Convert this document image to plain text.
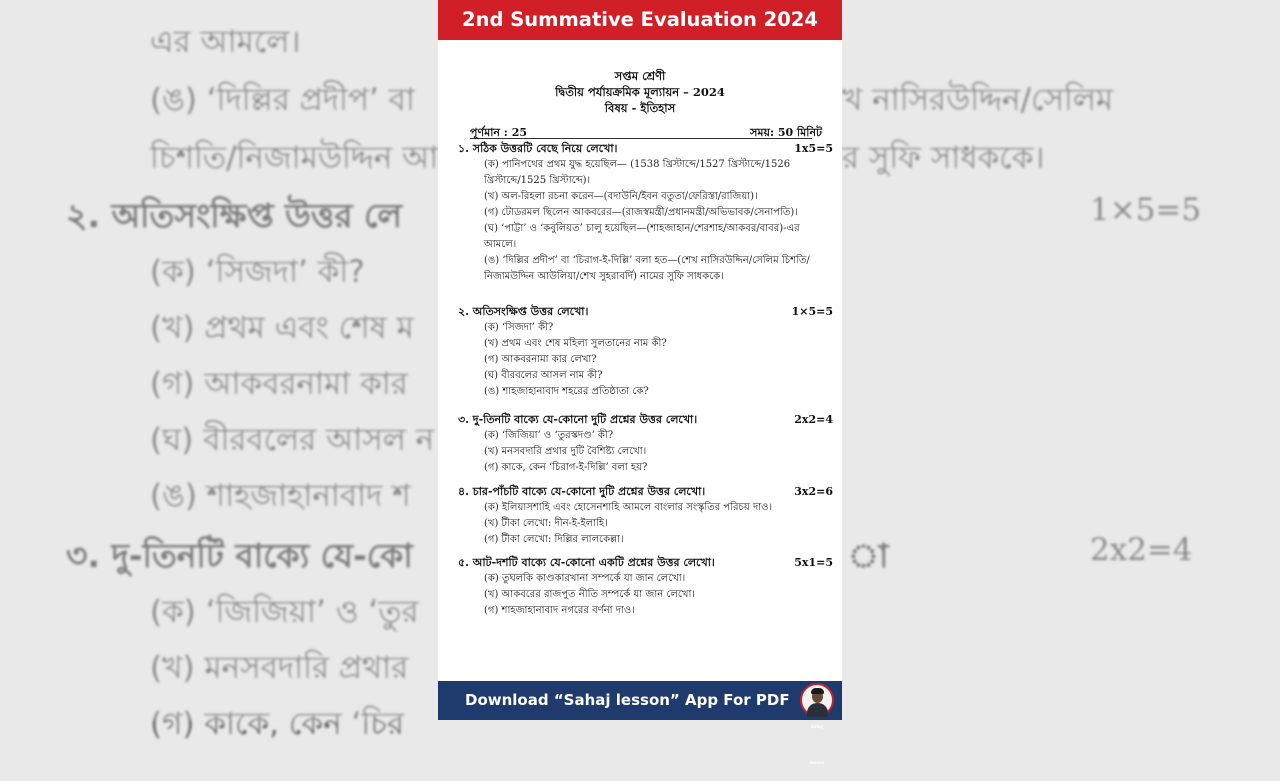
এর আমলে।
(ঙ) ‘দিল্লির প্রদীপ’ বা	খ নাসিরউদ্দিন/সেলিম
চিশতি/নিজামউদ্দিন আ	র সুফি সাধককে।
২. অতিসংক্ষিপ্ত উত্তর লে	1×5=5
(ক) ‘সিজদা’ কী?
(খ) প্রথম এবং শেষ ম
(গ) আকবরনামা কার
(ঘ) বীরবলের আসল ন
(ঙ) শাহজাহানাবাদ শ
৩. দু-তিনটি বাক্যে যে-কো	া	2x2=4
(ক) ‘জিজিয়া’ ও ‘তুর
(খ) মনসবদারি প্রথার
(গ) কাকে, কেন ‘চির
2nd Summative Evaluation 2024
সপ্তম শ্রেণী
দ্বিতীয় পর্যায়ক্রমিক মূল্যায়ন – 2024
বিষয় - ইতিহাস
পূর্ণমান : 25	সময়: 50 মিনিট
১. সঠিক উত্তরটি বেছে নিয়ে লেখো।	1x5=5
(ক) পানিপথের প্রথম যুদ্ধ হয়েছিল— (1538 খ্রিস্টাব্দে/1527 খ্রিস্টাব্দে/1526 খ্রিস্টাব্দে/1525 খ্রিস্টাব্দে)।
(খ) অল-রিহলা রচনা করেন—(বদাউনি/ইবন বতুতা/ফেরিস্তা/রাজিয়া)।
(গ) টোডরমল ছিলেন আকবরের—(রাজস্বমন্ত্রী/প্রধানমন্ত্রী/অভিভাবক/সেনাপতি)।
(ঘ) ‘পাট্টা’ ও ‘কবুলিয়ত’ চালু হয়েছিল—(শাহজাহান/শেরশাহ/আকবর/বাবর)-এর আমলে।
(ঙ) ‘দিল্লির প্রদীপ’ বা ‘চিরাগ-ই-দিল্লি’ বলা হত—(শেখ নাসিরউদ্দিন/সেলিম চিশতি/নিজামউদ্দিন আউলিয়া/শেখ সুহরাবর্দি) নামের সুফি সাধককে।
২. অতিসংক্ষিপ্ত উত্তর লেখো।	1×5=5
(ক) ‘সিজদা’ কী?
(খ) প্রথম এবং শেষ মহিলা সুলতানের নাম কী?
(গ) আকবরনামা কার লেখা?
(ঘ) বীরবলের আসল নাম কী?
(ঙ) শাহজাহানাবাদ শহরের প্রতিষ্ঠাতা কে?
৩. দু-তিনটি বাক্যে যে-কোনো দুটি প্রশ্নের উত্তর লেখো।	2x2=4
(ক) ‘জিজিয়া’ ও ‘তুরস্কদণ্ড’ কী?
(খ) মনসবদারি প্রথার দুটি বৈশিষ্ট্য লেখো।
(গ) কাকে, কেন ‘চিরাগ-ই-দিল্লি’ বলা হয়?
৪. চার-পাঁচটি বাক্যে যে-কোনো দুটি প্রশ্নের উত্তর লেখো।	3x2=6
(ক) ইলিয়াসশাহি এবং হোসেনশাহি আমলে বাংলার সংস্কৃতির পরিচয় দাও।
(খ) টীকা লেখো: দীন-ই-ইলাহি।
(গ) টীকা লেখো: দিল্লির লালকেল্লা।
৫. আট-দশটি বাক্যে যে-কোনো একটি প্রশ্নের উত্তর লেখো।	5x1=5
(ক) তুঘলকি কাণ্ডকারখানা সম্পর্কে যা জান লেখো।
(খ) আকবরের রাজপুত নীতি সম্পর্কে যা জান লেখো।
(গ) শাহজাহানাবাদ নগরের বর্ণনা দাও।
Download “Sahaj lesson” App For PDF
Sahaj lesson
